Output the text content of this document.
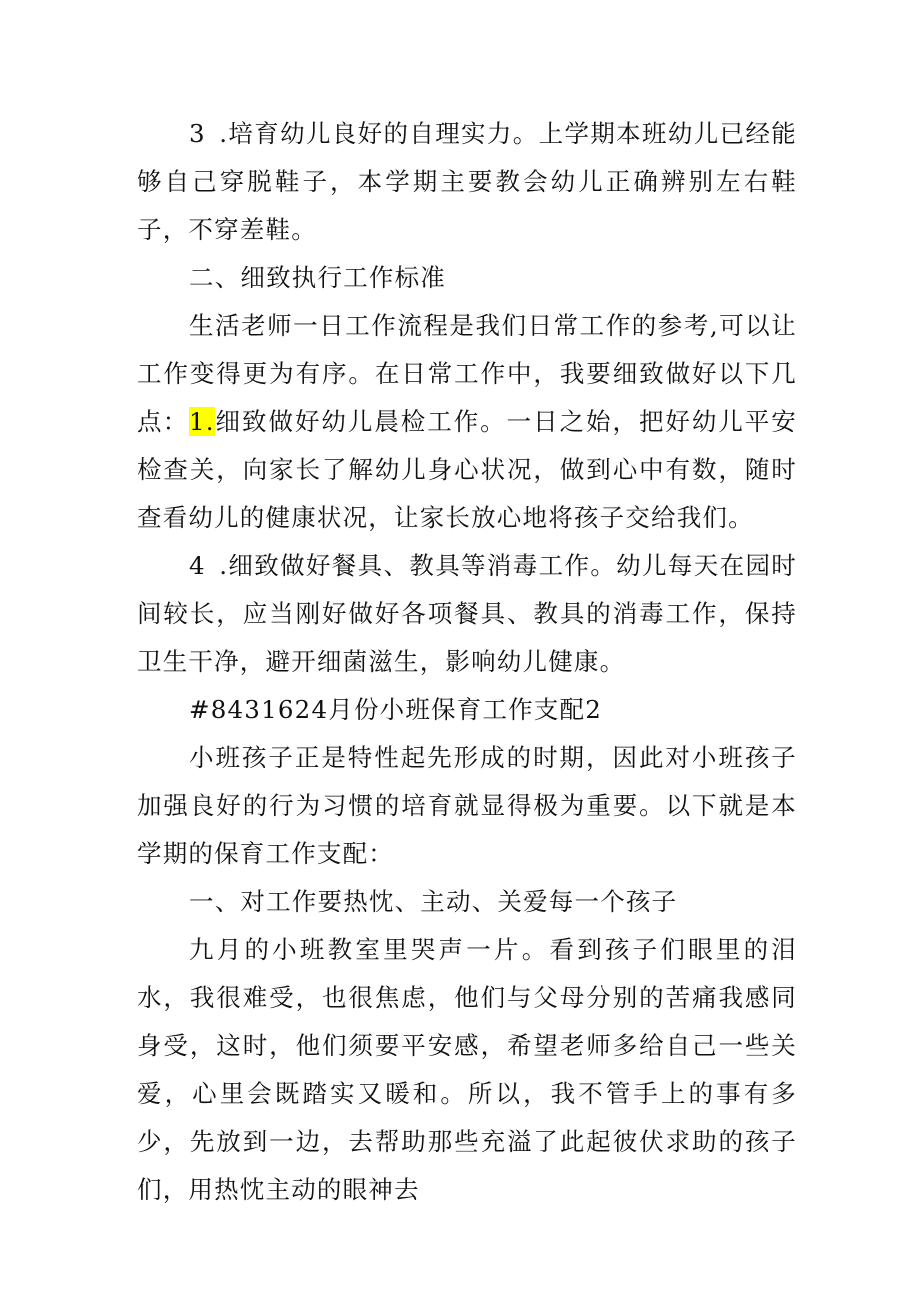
3 .培育幼儿良好的自理实力。上学期本班幼儿已经能够自己穿脱鞋子，本学期主要教会幼儿正确辨别左右鞋子，不穿差鞋。

二、细致执行工作标准

生活老师一日工作流程是我们日常工作的参考,可以让工作变得更为有序。在日常工作中，我要细致做好以下几点： 1.细致做好幼儿晨检工作。一日之始，把好幼儿平安检查关，向家长了解幼儿身心状况，做到心中有数，随时查看幼儿的健康状况，让家长放心地将孩子交给我们。

4 .细致做好餐具、教具等消毒工作。幼儿每天在园时间较长，应当刚好做好各项餐具、教具的消毒工作，保持卫生干净，避开细菌滋生，影响幼儿健康。

#8431624月份小班保育工作支配2

小班孩子正是特性起先形成的时期，因此对小班孩子加强良好的行为习惯的培育就显得极为重要。以下就是本学期的保育工作支配：

一、对工作要热忱、主动、关爱每一个孩子

九月的小班教室里哭声一片。看到孩子们眼里的泪水，我很难受，也很焦虑，他们与父母分别的苦痛我感同身受，这时，他们须要平安感，希望老师多给自己一些关爱，心里会既踏实又暖和。所以，我不管手上的事有多少，先放到一边，去帮助那些充溢了此起彼伏求助的孩子们，用热忱主动的眼神去
